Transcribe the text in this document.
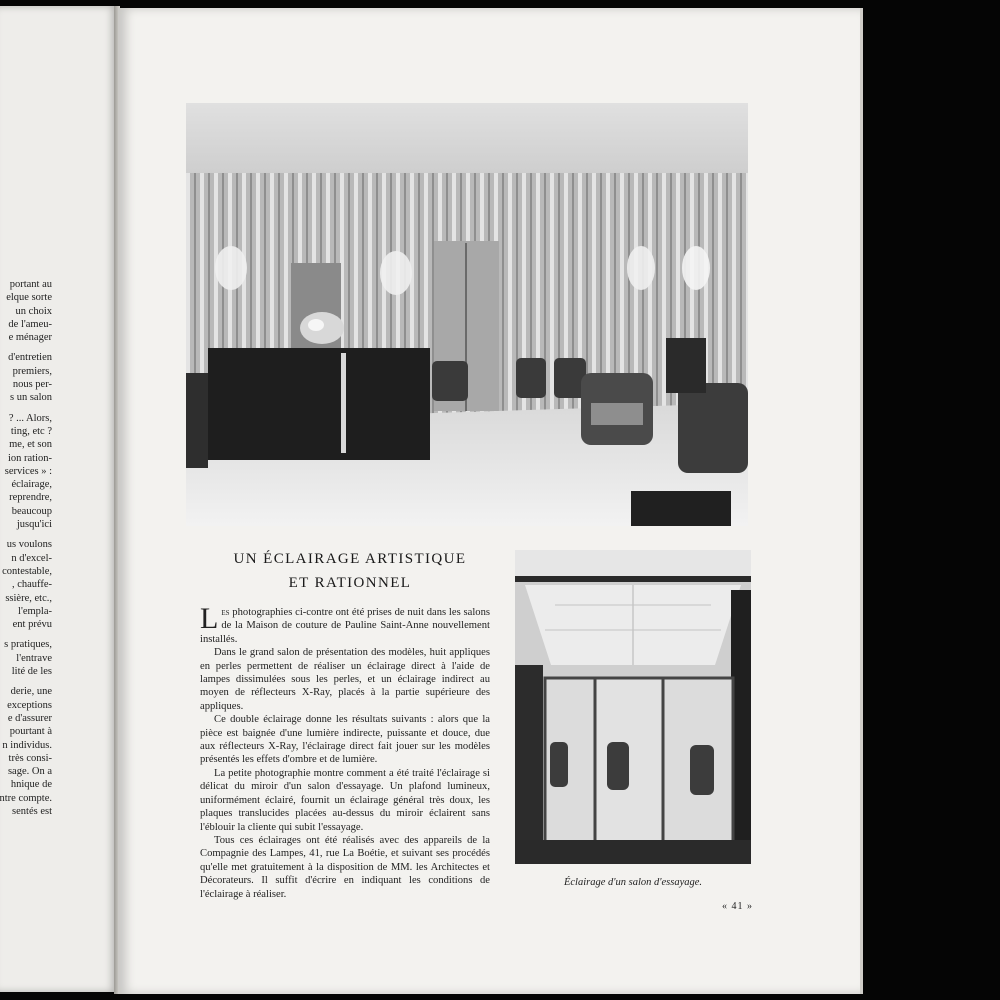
portant au
elque sorte
un choix
de l'ameu-
e ménager
d'entretien
premiers,
nous per-
s un salon
? ... Alors,
ting, etc ?
me, et son
ion ration-
services » :
éclairage,
reprendre,
beaucoup
jusqu'ici
us voulons
n d'excel-
contestable,
, chauffe-
ssière, etc.,
l'empla-
ent prévu
s pratiques,
l'entrave
lité de les
derie, une
exceptions
e d'assurer
pourtant à
n individus.
très consi-
sage. On a
hnique de
ntre compte.
sentés est
Éclairage d'un salon d'essayage.
UN ÉCLAIRAGE ARTISTIQUE
ET RATIONNEL

Les photographies ci-contre ont été prises de nuit dans les salons de la Maison de couture de Pauline Saint-Anne nouvellement installés.

Dans le grand salon de présentation des modèles, huit appliques en perles permettent de réaliser un éclairage direct à l'aide de lampes dissimulées sous les perles, et un éclairage indirect au moyen de réflecteurs X-Ray, placés à la partie supérieure des appliques.

Ce double éclairage donne les résultats suivants : alors que la pièce est baignée d'une lumière indirecte, puissante et douce, due aux réflecteurs X-Ray, l'éclairage direct fait jouer sur les modèles présentés les effets d'ombre et de lumière.

La petite photographie montre comment a été traité l'éclairage si délicat du miroir d'un salon d'essayage. Un plafond lumineux, uniformément éclairé, fournit un éclairage général très doux, les plaques translucides placées au-dessus du miroir éclairent sans l'éblouir la cliente qui subit l'essayage.

Tous ces éclairages ont été réalisés avec des appareils de la Compagnie des Lampes, 41, rue La Boétie, et suivant ses procédés qu'elle met gratuitement à la disposition de MM. les Architectes et Décorateurs. Il suffit d'écrire en indiquant les conditions de l'éclairage à réaliser.

« 41 »
